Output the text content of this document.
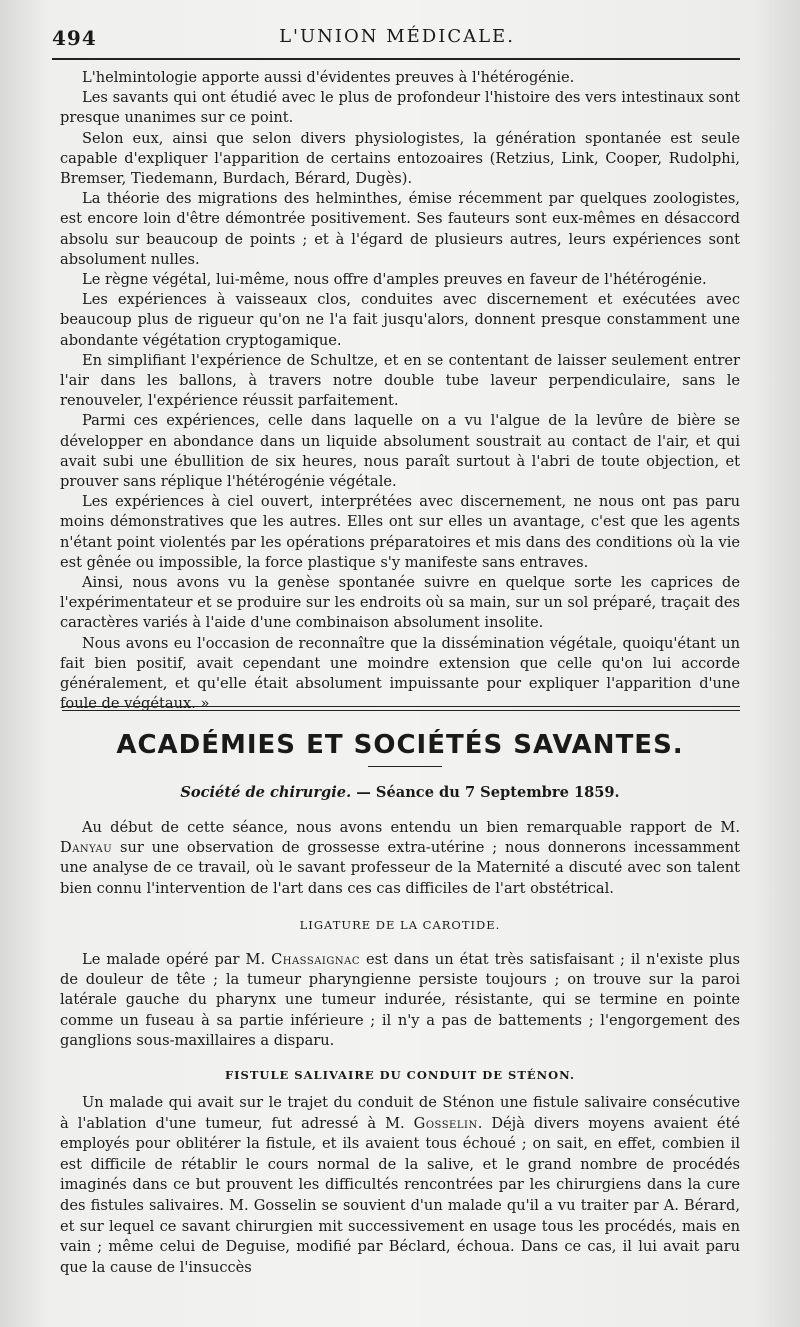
494	L'UNION MÉDICALE.

L'helmintologie apporte aussi d'évidentes preuves à l'hétérogénie.

Les savants qui ont étudié avec le plus de profondeur l'histoire des vers intestinaux sont presque unanimes sur ce point.

Selon eux, ainsi que selon divers physiologistes, la génération spontanée est seule capable d'expliquer l'apparition de certains entozoaires (Retzius, Link, Cooper, Rudolphi, Bremser, Tiedemann, Burdach, Bérard, Dugès).

La théorie des migrations des helminthes, émise récemment par quelques zoologistes, est encore loin d'être démontrée positivement. Ses fauteurs sont eux-mêmes en désaccord absolu sur beaucoup de points ; et à l'égard de plusieurs autres, leurs expériences sont absolument nulles.

Le règne végétal, lui-même, nous offre d'amples preuves en faveur de l'hétérogénie.

Les expériences à vaisseaux clos, conduites avec discernement et exécutées avec beaucoup plus de rigueur qu'on ne l'a fait jusqu'alors, donnent presque constamment une abondante végétation cryptogamique.

En simplifiant l'expérience de Schultze, et en se contentant de laisser seulement entrer l'air dans les ballons, à travers notre double tube laveur perpendiculaire, sans le renouveler, l'expérience réussit parfaitement.

Parmi ces expériences, celle dans laquelle on a vu l'algue de la levûre de bière se développer en abondance dans un liquide absolument soustrait au contact de l'air, et qui avait subi une ébullition de six heures, nous paraît surtout à l'abri de toute objection, et prouver sans réplique l'hétérogénie végétale.

Les expériences à ciel ouvert, interprétées avec discernement, ne nous ont pas paru moins démonstratives que les autres. Elles ont sur elles un avantage, c'est que les agents n'étant point violentés par les opérations préparatoires et mis dans des conditions où la vie est gênée ou impossible, la force plastique s'y manifeste sans entraves.

Ainsi, nous avons vu la genèse spontanée suivre en quelque sorte les caprices de l'expérimentateur et se produire sur les endroits où sa main, sur un sol préparé, traçait des caractères variés à l'aide d'une combinaison absolument insolite.

Nous avons eu l'occasion de reconnaître que la dissémination végétale, quoiqu'étant un fait bien positif, avait cependant une moindre extension que celle qu'on lui accorde généralement, et qu'elle était absolument impuissante pour expliquer l'apparition d'une foule de végétaux. »

ACADÉMIES ET SOCIÉTÉS SAVANTES.
Société de chirurgie. — Séance du 7 Septembre 1859.

Au début de cette séance, nous avons entendu un bien remarquable rapport de M. Danyau sur une observation de grossesse extra-utérine ; nous donnerons incessamment une analyse de ce travail, où le savant professeur de la Maternité a discuté avec son talent bien connu l'intervention de l'art dans ces cas difficiles de l'art obstétrical.

LIGATURE DE LA CAROTIDE.

Le malade opéré par M. Chassaignac est dans un état très satisfaisant ; il n'existe plus de douleur de tête ; la tumeur pharyngienne persiste toujours ; on trouve sur la paroi latérale gauche du pharynx une tumeur indurée, résistante, qui se termine en pointe comme un fuseau à sa partie inférieure ; il n'y a pas de battements ; l'engorgement des ganglions sous-maxillaires a disparu.

FISTULE SALIVAIRE DU CONDUIT DE STÉNON.

Un malade qui avait sur le trajet du conduit de Sténon une fistule salivaire consécutive à l'ablation d'une tumeur, fut adressé à M. Gosselin. Déjà divers moyens avaient été employés pour oblitérer la fistule, et ils avaient tous échoué ; on sait, en effet, combien il est difficile de rétablir le cours normal de la salive, et le grand nombre de procédés imaginés dans ce but prouvent les difficultés rencontrées par les chirurgiens dans la cure des fistules salivaires. M. Gosselin se souvient d'un malade qu'il a vu traiter par A. Bérard, et sur lequel ce savant chirurgien mit successivement en usage tous les procédés, mais en vain ; même celui de Deguise, modifié par Béclard, échoua. Dans ce cas, il lui avait paru que la cause de l'insuccès
